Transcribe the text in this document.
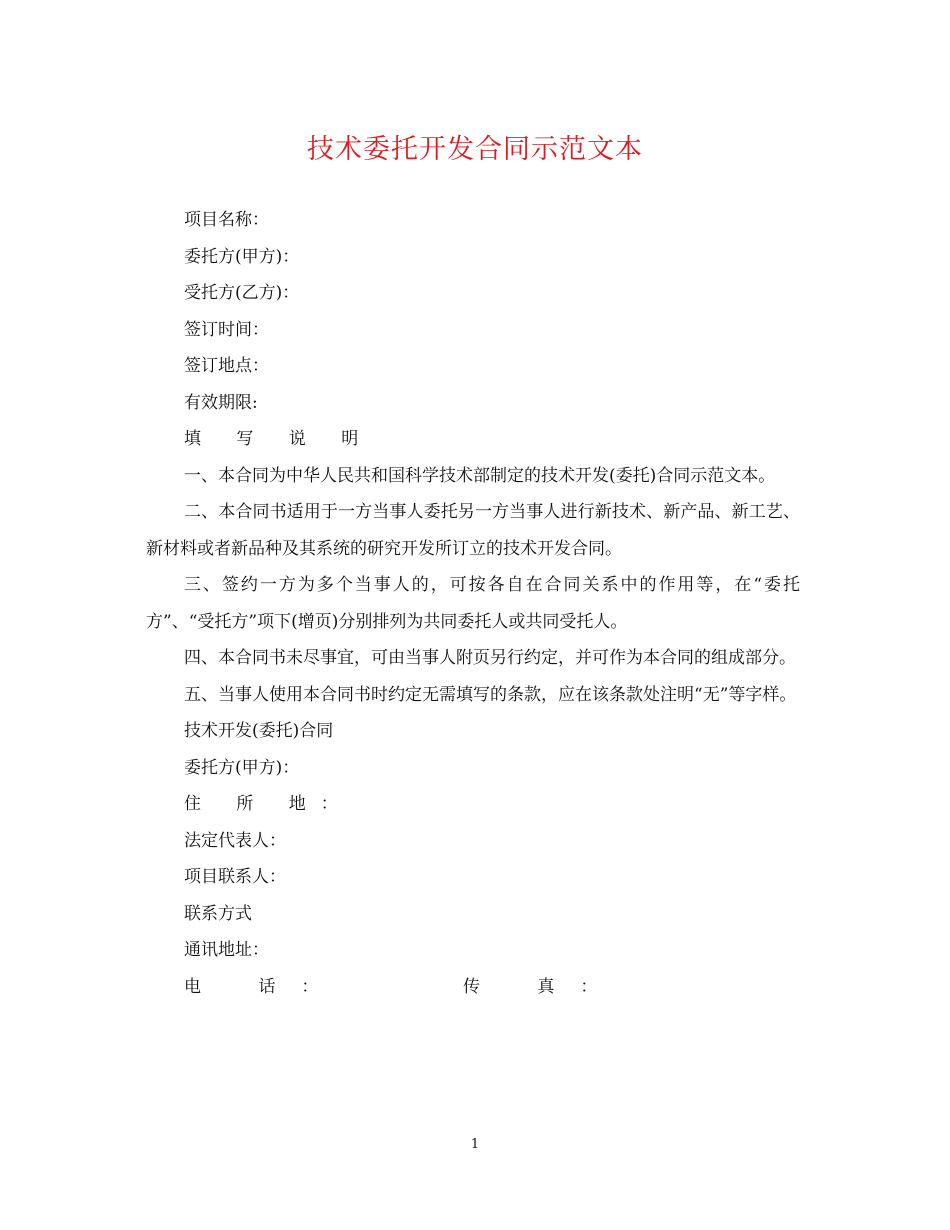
技术委托开发合同示范文本

项目名称：

委托方(甲方)：

受托方(乙方)：

签订时间：

签订地点：

有效期限:

填 写 说 明

一、本合同为中华人民共和国科学技术部制定的技术开发(委托)合同示范文本。

二、本合同书适用于一方当事人委托另一方当事人进行新技术、新产品、新工艺、新材料或者新品种及其系统的研究开发所订立的技术开发合同。

三、签约一方为多个当事人的，可按各自在合同关系中的作用等，在“委托方”、“受托方”项下(增页)分别排列为共同委托人或共同受托人。

四、本合同书未尽事宜，可由当事人附页另行约定，并可作为本合同的组成部分。

五、当事人使用本合同书时约定无需填写的条款，应在该条款处注明“无”等字样。

技术开发(委托)合同

委托方(甲方)：

住 所 地：

法定代表人：

项目联系人：

联系方式

通讯地址：

电 话：	传 真：
1
